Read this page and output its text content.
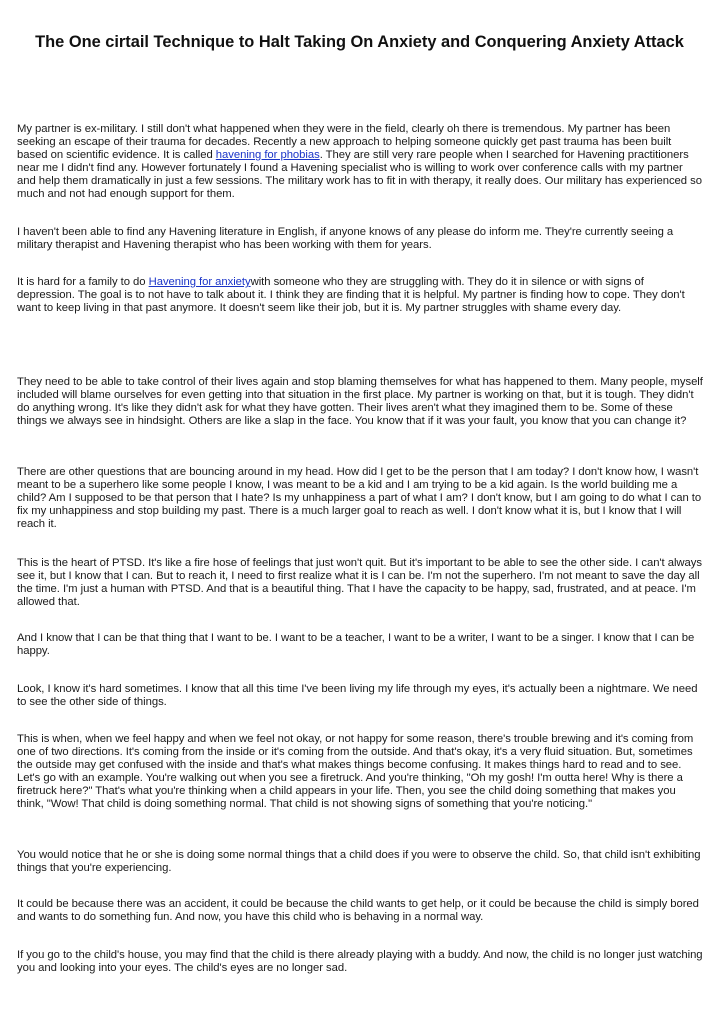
The One cirtail Technique to Halt Taking On Anxiety and Conquering Anxiety Attack

My partner is ex-military. I still don't what happened when they were in the field, clearly oh there is tremendous. My partner has been seeking an escape of their trauma for decades. Recently a new approach to helping someone quickly get past trauma has been built based on scientific evidence. It is called havening for phobias. They are still very rare people when I searched for Havening practitioners near me I didn't find any. However fortunately I found a Havening specialist who is willing to work over conference calls with my partner and help them dramatically in just a few sessions. The military work has to fit in with therapy, it really does. Our military has experienced so much and not had enough support for them.

I haven't been able to find any Havening literature in English, if anyone knows of any please do inform me. They're currently seeing a military therapist and Havening therapist who has been working with them for years.

It is hard for a family to do Havening for anxietywith someone who they are struggling with. They do it in silence or with signs of depression. The goal is to not have to talk about it. I think they are finding that it is helpful. My partner is finding how to cope. They don't want to keep living in that past anymore. It doesn't seem like their job, but it is. My partner struggles with shame every day.

They need to be able to take control of their lives again and stop blaming themselves for what has happened to them. Many people, myself included will blame ourselves for even getting into that situation in the first place. My partner is working on that, but it is tough. They didn't do anything wrong. It's like they didn't ask for what they have gotten. Their lives aren't what they imagined them to be. Some of these things we always see in hindsight. Others are like a slap in the face. You know that if it was your fault, you know that you can change it?

There are other questions that are bouncing around in my head. How did I get to be the person that I am today? I don't know how, I wasn't meant to be a superhero like some people I know, I was meant to be a kid and I am trying to be a kid again. Is the world building me a child? Am I supposed to be that person that I hate? Is my unhappiness a part of what I am? I don't know, but I am going to do what I can to fix my unhappiness and stop building my past. There is a much larger goal to reach as well. I don't know what it is, but I know that I will reach it.

This is the heart of PTSD. It's like a fire hose of feelings that just won't quit. But it's important to be able to see the other side. I can't always see it, but I know that I can. But to reach it, I need to first realize what it is I can be. I'm not the superhero. I'm not meant to save the day all the time. I'm just a human with PTSD. And that is a beautiful thing. That I have the capacity to be happy, sad, frustrated, and at peace. I'm allowed that.

And I know that I can be that thing that I want to be. I want to be a teacher, I want to be a writer, I want to be a singer. I know that I can be happy.

Look, I know it's hard sometimes. I know that all this time I've been living my life through my eyes, it's actually been a nightmare. We need to see the other side of things.

This is when, when we feel happy and when we feel not okay, or not happy for some reason, there's trouble brewing and it's coming from one of two directions. It's coming from the inside or it's coming from the outside. And that's okay, it's a very fluid situation. But, sometimes the outside may get confused with the inside and that's what makes things become confusing. It makes things hard to read and to see. Let's go with an example. You're walking out when you see a firetruck. And you're thinking, "Oh my gosh! I'm outta here! Why is there a firetruck here?" That's what you're thinking when a child appears in your life. Then, you see the child doing something that makes you think, "Wow! That child is doing something normal. That child is not showing signs of something that you're noticing."

You would notice that he or she is doing some normal things that a child does if you were to observe the child. So, that child isn't exhibiting things that you're experiencing.

It could be because there was an accident, it could be because the child wants to get help, or it could be because the child is simply bored and wants to do something fun. And now, you have this child who is behaving in a normal way.

If you go to the child's house, you may find that the child is there already playing with a buddy. And now, the child is no longer just watching you and looking into your eyes. The child's eyes are no longer sad.
